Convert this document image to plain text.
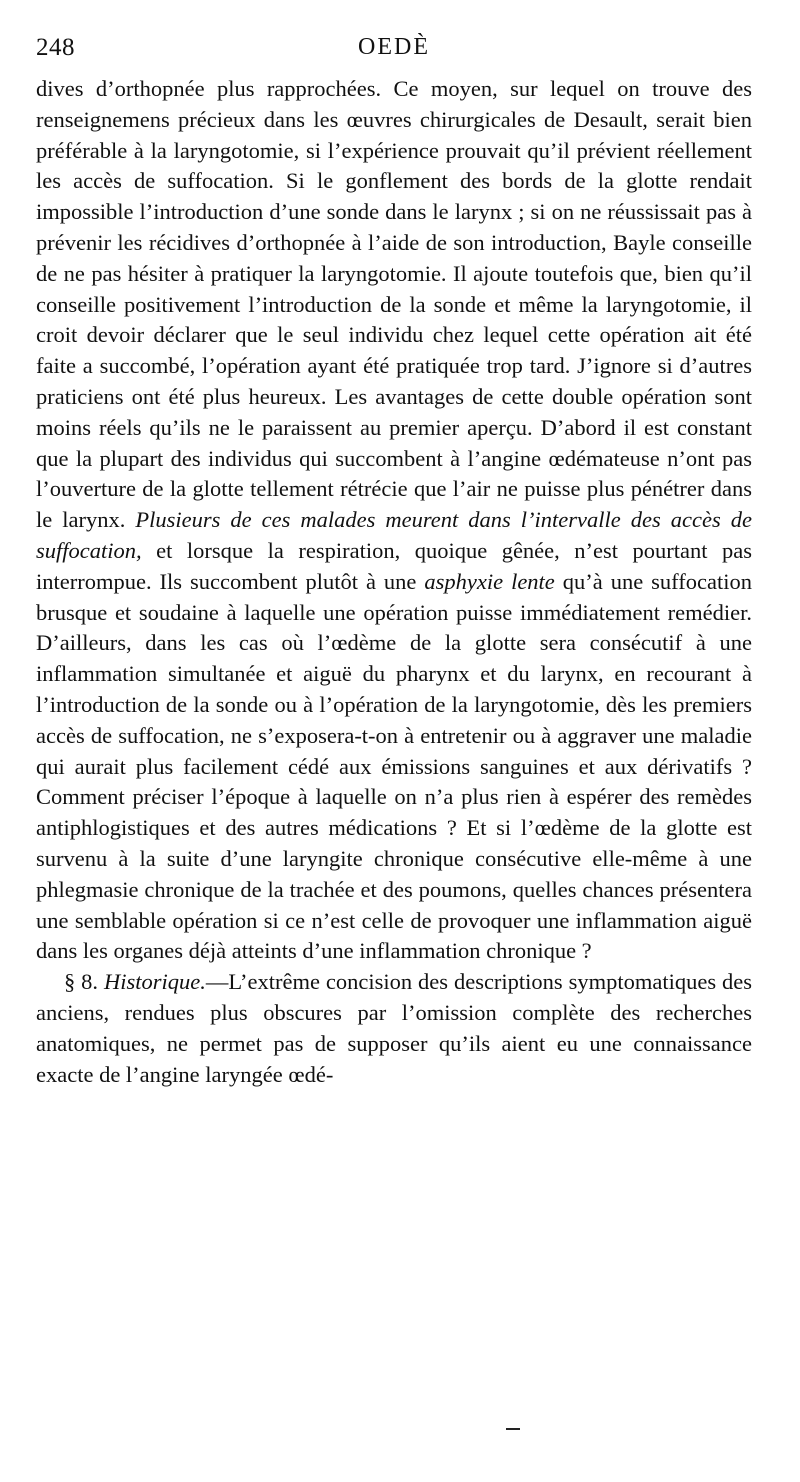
248	OEDÈ

dives d’orthopnée plus rapprochées. Ce moyen, sur lequel on trouve des renseignemens précieux dans les œuvres chirurgicales de Desault, serait bien préférable à la laryngotomie, si l’expérience prouvait qu’il prévient réellement les accès de suffocation. Si le gonflement des bords de la glotte rendait impossible l’introduction d’une sonde dans le larynx ; si on ne réussissait pas à prévenir les récidives d’orthopnée à l’aide de son introduction, Bayle conseille de ne pas hésiter à pratiquer la laryngotomie. Il ajoute toutefois que, bien qu’il conseille positivement l’introduction de la sonde et même la laryngotomie, il croit devoir déclarer que le seul individu chez lequel cette opération ait été faite a succombé, l’opération ayant été pratiquée trop tard. J’ignore si d’autres praticiens ont été plus heureux. Les avantages de cette double opération sont moins réels qu’ils ne le paraissent au premier aperçu. D’abord il est constant que la plupart des individus qui succombent à l’angine œdémateuse n’ont pas l’ouverture de la glotte tellement rétrécie que l’air ne puisse plus pénétrer dans le larynx. Plusieurs de ces malades meurent dans l’intervalle des accès de suffocation, et lorsque la respiration, quoique gênée, n’est pourtant pas interrompue. Ils succombent plutôt à une asphyxie lente qu’à une suffocation brusque et soudaine à laquelle une opération puisse immédiatement remédier. D’ailleurs, dans les cas où l’œdème de la glotte sera consécutif à une inflammation simultanée et aiguë du pharynx et du larynx, en recourant à l’introduction de la sonde ou à l’opération de la laryngotomie, dès les premiers accès de suffocation, ne s’exposera-t-on à entretenir ou à aggraver une maladie qui aurait plus facilement cédé aux émissions sanguines et aux dérivatifs ? Comment préciser l’époque à laquelle on n’a plus rien à espérer des remèdes antiphlogistiques et des autres médications ? Et si l’œdème de la glotte est survenu à la suite d’une laryngite chronique consécutive elle-même à une phlegmasie chronique de la trachée et des poumons, quelles chances présentera une semblable opération si ce n’est celle de provoquer une inflammation aiguë dans les organes déjà atteints d’une inflammation chronique ?

§ 8. Historique.—L’extrême concision des descriptions symptomatiques des anciens, rendues plus obscures par l’omission complète des recherches anatomiques, ne permet pas de supposer qu’ils aient eu une connaissance exacte de l’angine laryngée œdé-
